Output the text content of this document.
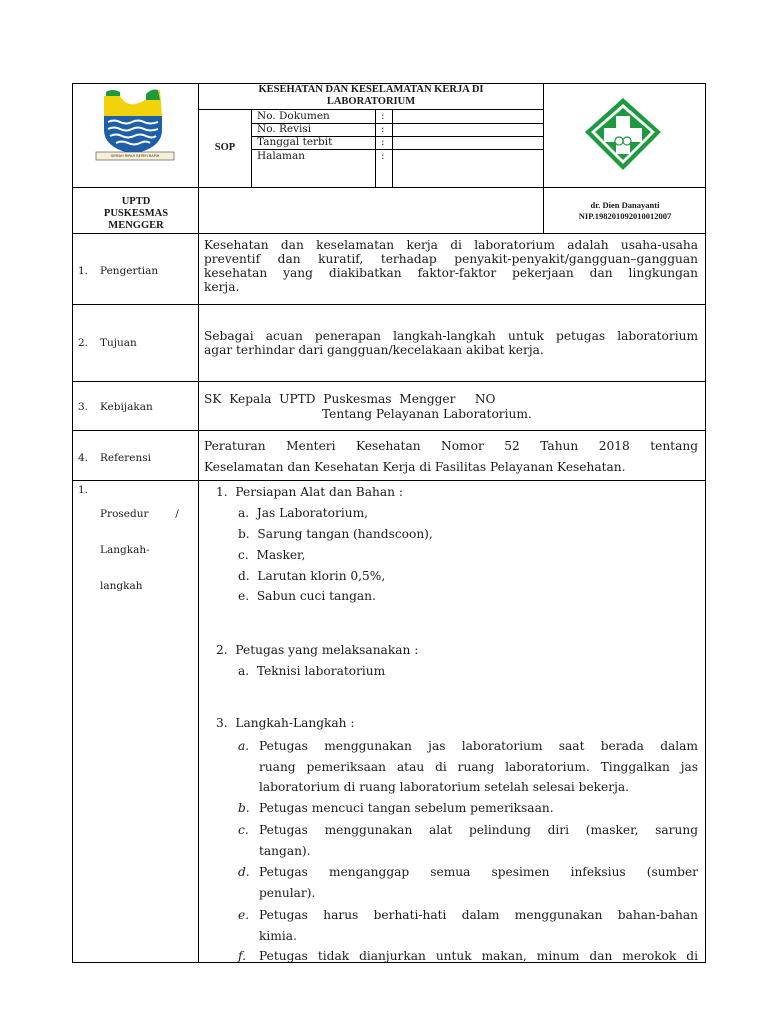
GEMAH RIPAH REPEH RAPIH
KESEHATAN DAN KESELAMATAN KERJA DI
LABORATORIUM
SOP
No. Dokumen
No. Revisi
Tanggal terbit
Halaman
:
:
:
:
UPTD
PUSKESMAS
MENGGER
dr. Dien Danayanti
NIP.198201092010012007
1. Pengertian
Kesehatan dan keselamatan kerja di laboratorium adalah usaha-usaha
preventif dan kuratif, terhadap penyakit-penyakit/gangguan–gangguan
kesehatan yang diakibatkan faktor-faktor pekerjaan dan lingkungan
kerja.
2. Tujuan	Sebagai acuan penerapan langkah-langkah untuk petugas laboratorium
agar terhindar dari gangguan/kecelakaan akibat kerja.
3. Kebijakan
SK  Kepala  UPTD  Puskesmas  Mengger     NO
Tentang Pelayanan Laboratorium.
4. Referensi
Peraturan Menteri Kesehatan Nomor 52 Tahun 2018 tentang
Keselamatan dan Kesehatan Kerja di Fasilitas Pelayanan Kesehatan.
1.

Prosedur        /

Langkah-

langkah

1.  Persiapan Alat dan Bahan :
a.  Jas Laboratorium,
b.  Sarung tangan (handscoon),
c.  Masker,
d.  Larutan klorin 0,5%,
e.  Sabun cuci tangan.
2.  Petugas yang melaksanakan :
a.  Teknisi laboratorium
3.  Langkah-Langkah :
a. Petugas menggunakan jas laboratorium saat berada dalam
ruang pemeriksaan atau di ruang laboratorium. Tinggalkan jas
laboratorium di ruang laboratorium setelah selesai bekerja.
b. Petugas mencuci tangan sebelum pemeriksaan.
c. Petugas menggunakan alat pelindung diri (masker, sarung
tangan).
d. Petugas menganggap semua spesimen infeksius (sumber
penular).
e. Petugas harus berhati-hati dalam menggunakan bahan-bahan
kimia.
f. Petugas tidak dianjurkan untuk makan, minum dan merokok di
